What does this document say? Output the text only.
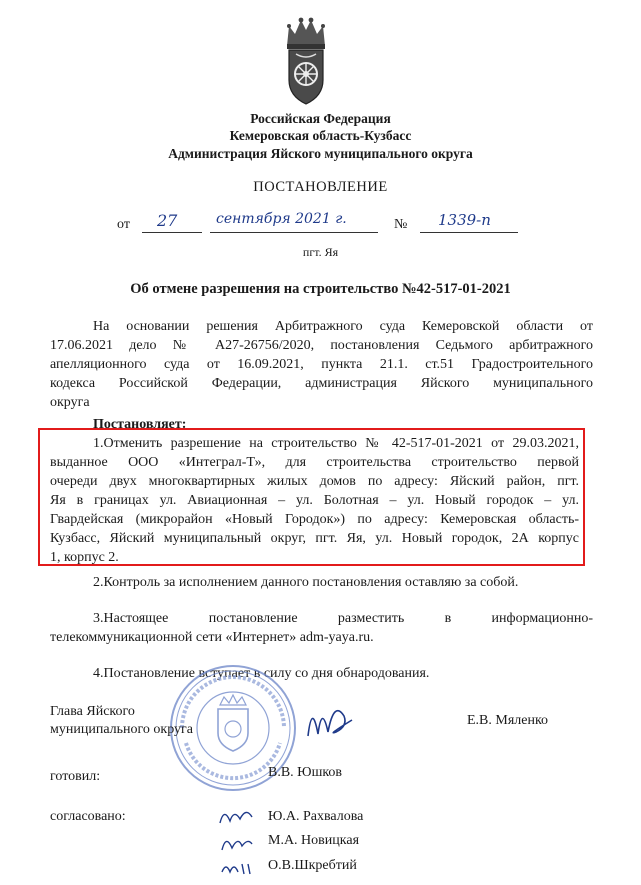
Российская Федерация
Кемеровская область-Кузбасс
Администрация Яйского муниципального округа
ПОСТАНОВЛЕНИЕ
от 27	сентября 2021 г.	№ 1339-п
пгт. Яя
Об отмене разрешения на строительство №42-517-01-2021
На основании решения Арбитражного суда Кемеровской области от
17.06.2021 дело № А27-26756/2020, постановления Седьмого арбитражного
апелляционного суда от 16.09.2021, пункта 21.1. ст.51 Градостроительного
кодекса Российской Федерации, администрация Яйского муниципального
округа
Постановляет:
1.Отменить разрешение на строительство № 42-517-01-2021 от 29.03.2021,
выданное ООО «Интеграл-Т», для строительства строительство первой
очереди двух многоквартирных жилых домов по адресу: Яйский район, пгт.
Яя в границах ул. Авиационная – ул. Болотная – ул. Новый городок – ул.
Гвардейская (микрорайон «Новый Городок») по адресу: Кемеровская область-
Кузбасс, Яйский муниципальный округ, пгт. Яя, ул. Новый городок, 2А корпус
1, корпус 2.
2.Контроль за исполнением данного постановления оставляю за собой.
3.Настоящее постановление разместить в информационно-
телекоммуникационной сети «Интернет» adm-yaya.ru.
4.Постановление вступает в силу со дня обнародования.
Глава Яйского
муниципального округа
Е.В. Мяленко
готовил:	В.В. Юшков
согласовано:	Ю.А. Рахвалова
М.А. Новицкая
О.В.Шкребтий
